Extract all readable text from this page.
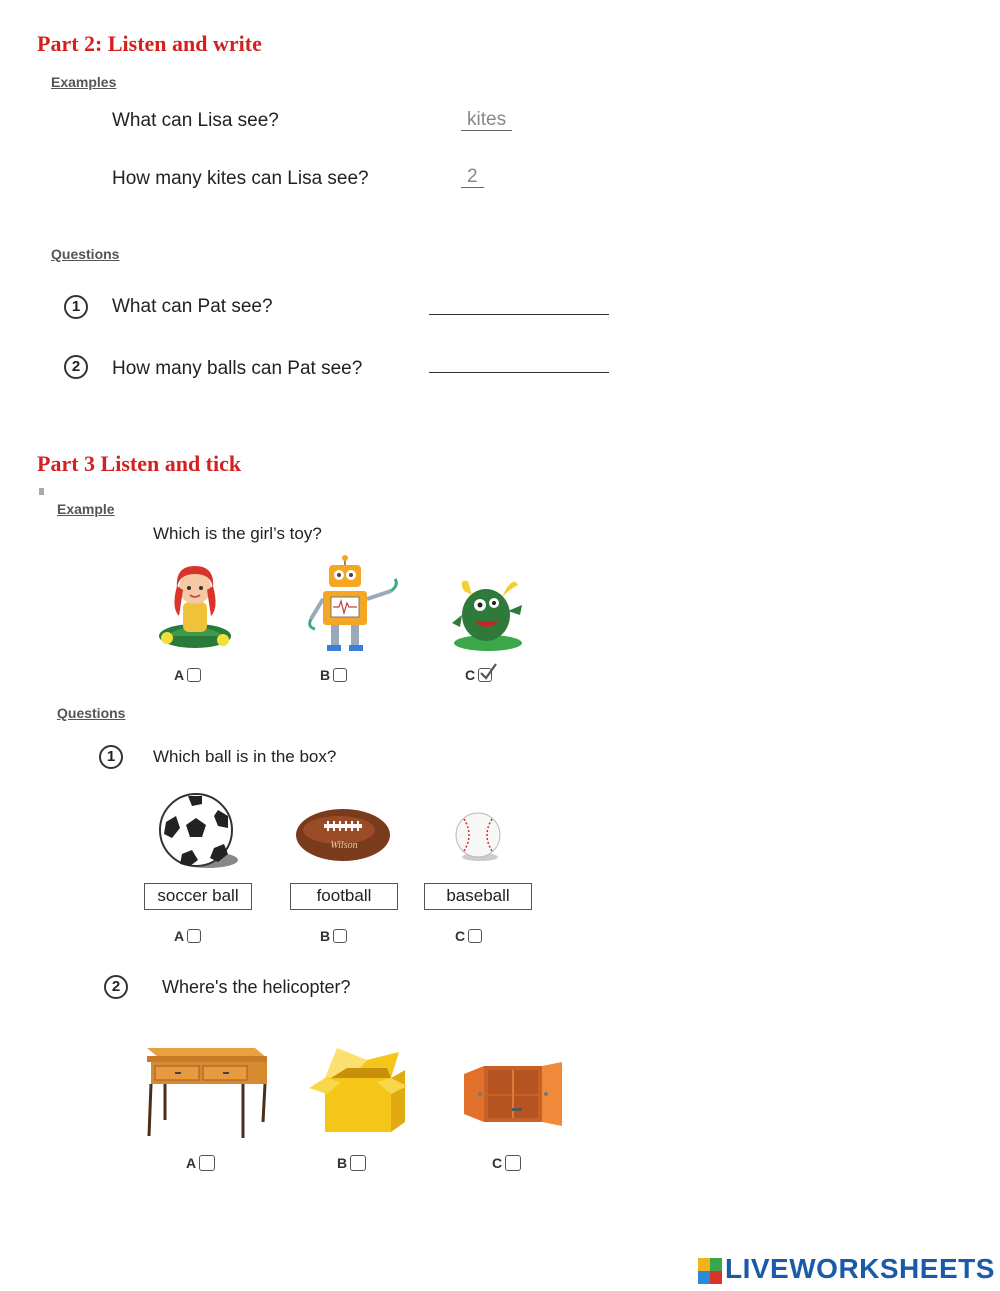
Part 2: Listen and write
Examples
What can Lisa see?	kites
How many kites can Lisa see?	2
Questions
1	What can Pat see?
2	How many balls can Pat see?
Part 3 Listen and tick
Example
Which is the girl’s toy?
A	B	C
Questions
1	Which ball is in the box?
Wilson
soccer ball	football	baseball
A	B	C
2	Where's the helicopter?
A	B	C
LIVEWORKSHEETS
